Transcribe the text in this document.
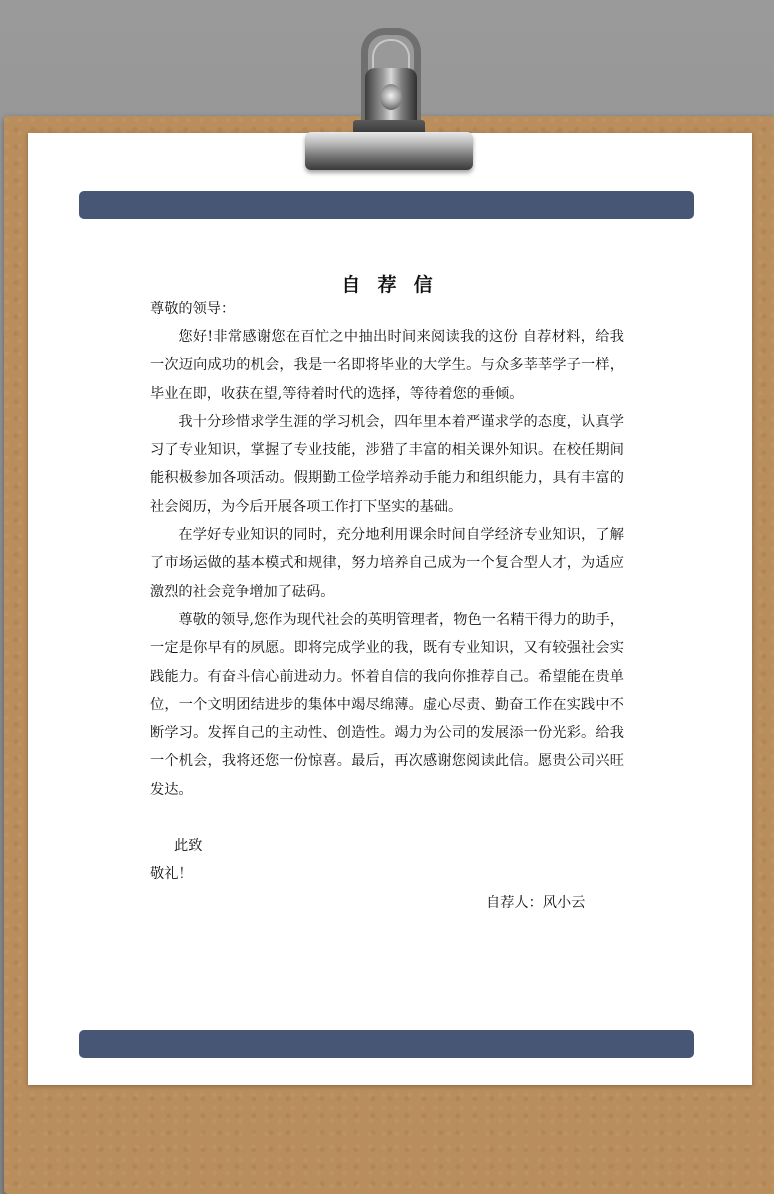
自荐信
尊敬的领导：

您好!非常感谢您在百忙之中抽出时间来阅读我的这份 自荐材料，给我一次迈向成功的机会，我是一名即将毕业的大学生。与众多莘莘学子一样，毕业在即，收获在望,等待着时代的选择，等待着您的垂倾。

我十分珍惜求学生涯的学习机会，四年里本着严谨求学的态度，认真学习了专业知识，掌握了专业技能，涉猎了丰富的相关课外知识。在校任期间能积极参加各项活动。假期勤工俭学培养动手能力和组织能力，具有丰富的社会阅历，为今后开展各项工作打下坚实的基础。

在学好专业知识的同时，充分地利用课余时间自学经济专业知识，了解了市场运做的基本模式和规律，努力培养自己成为一个复合型人才，为适应激烈的社会竞争增加了砝码。

尊敬的领导,您作为现代社会的英明管理者，物色一名精干得力的助手，一定是你早有的夙愿。即将完成学业的我，既有专业知识，又有较强社会实践能力。有奋斗信心前进动力。怀着自信的我向你推荐自己。希望能在贵单位，一个文明团结进步的集体中竭尽绵薄。虚心尽责、勤奋工作在实践中不断学习。发挥自己的主动性、创造性。竭力为公司的发展添一份光彩。给我一个机会，我将还您一份惊喜。最后，再次感谢您阅读此信。愿贵公司兴旺发达。

此致
敬礼！
自荐人：风小云
